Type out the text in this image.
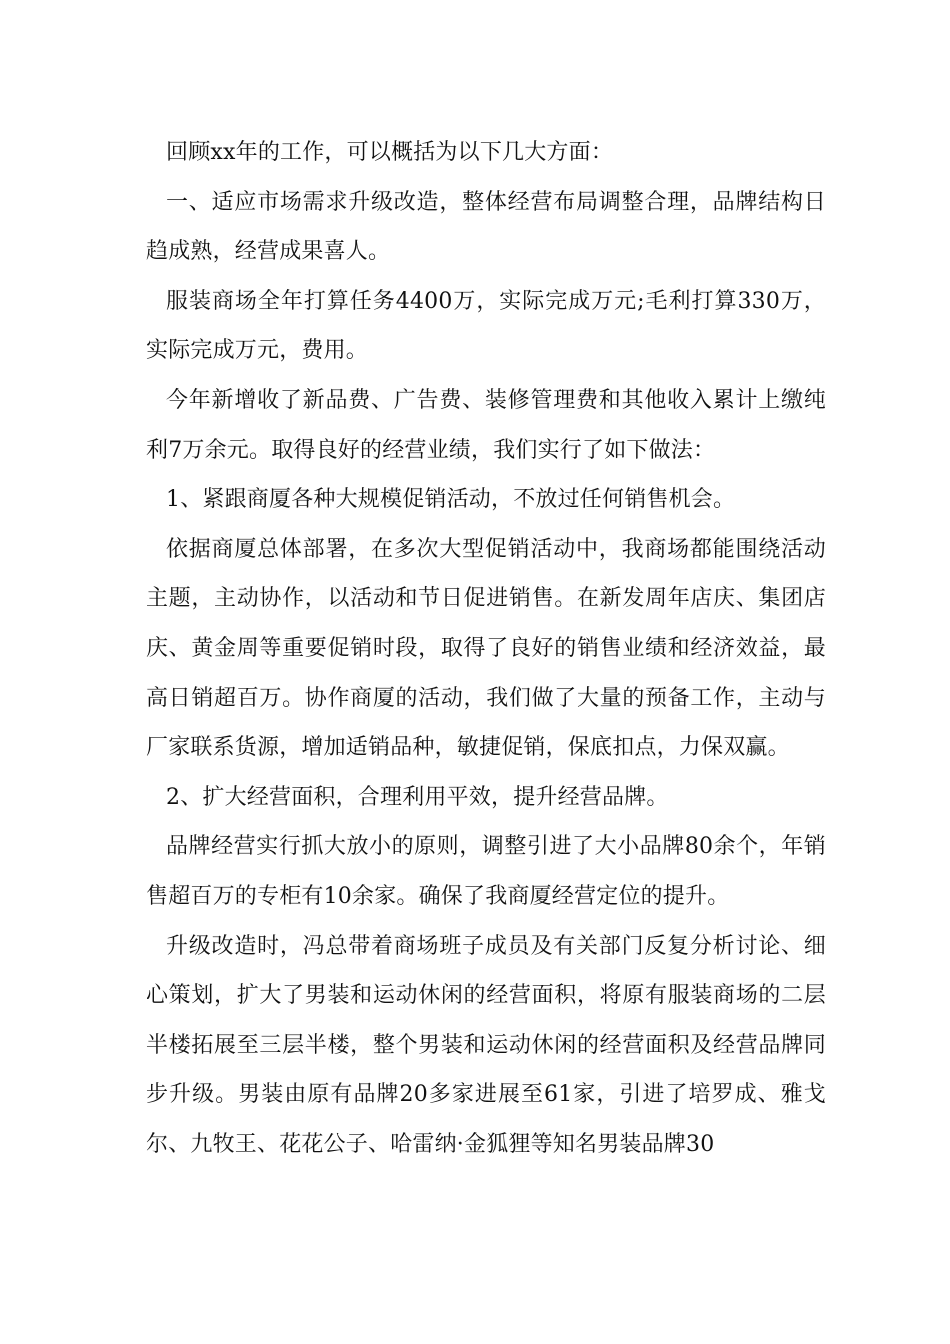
回顾xx年的工作，可以概括为以下几大方面：

一、适应市场需求升级改造，整体经营布局调整合理，品牌结构日趋成熟，经营成果喜人。

服装商场全年打算任务4400万，实际完成万元;毛利打算330万，实际完成万元，费用。

今年新增收了新品费、广告费、装修管理费和其他收入累计上缴纯利7万余元。取得良好的经营业绩，我们实行了如下做法：

1、紧跟商厦各种大规模促销活动，不放过任何销售机会。

依据商厦总体部署，在多次大型促销活动中，我商场都能围绕活动主题，主动协作，以活动和节日促进销售。在新发周年店庆、集团店庆、黄金周等重要促销时段，取得了良好的销售业绩和经济效益，最高日销超百万。协作商厦的活动，我们做了大量的预备工作，主动与厂家联系货源，增加适销品种，敏捷促销，保底扣点，力保双赢。

2、扩大经营面积，合理利用平效，提升经营品牌。

品牌经营实行抓大放小的原则，调整引进了大小品牌80余个，年销售超百万的专柜有10余家。确保了我商厦经营定位的提升。

升级改造时，冯总带着商场班子成员及有关部门反复分析讨论、细心策划，扩大了男装和运动休闲的经营面积，将原有服装商场的二层半楼拓展至三层半楼，整个男装和运动休闲的经营面积及经营品牌同步升级。男装由原有品牌20多家进展至61家，引进了培罗成、雅戈尔、九牧王、花花公子、哈雷纳·金狐狸等知名男装品牌30
